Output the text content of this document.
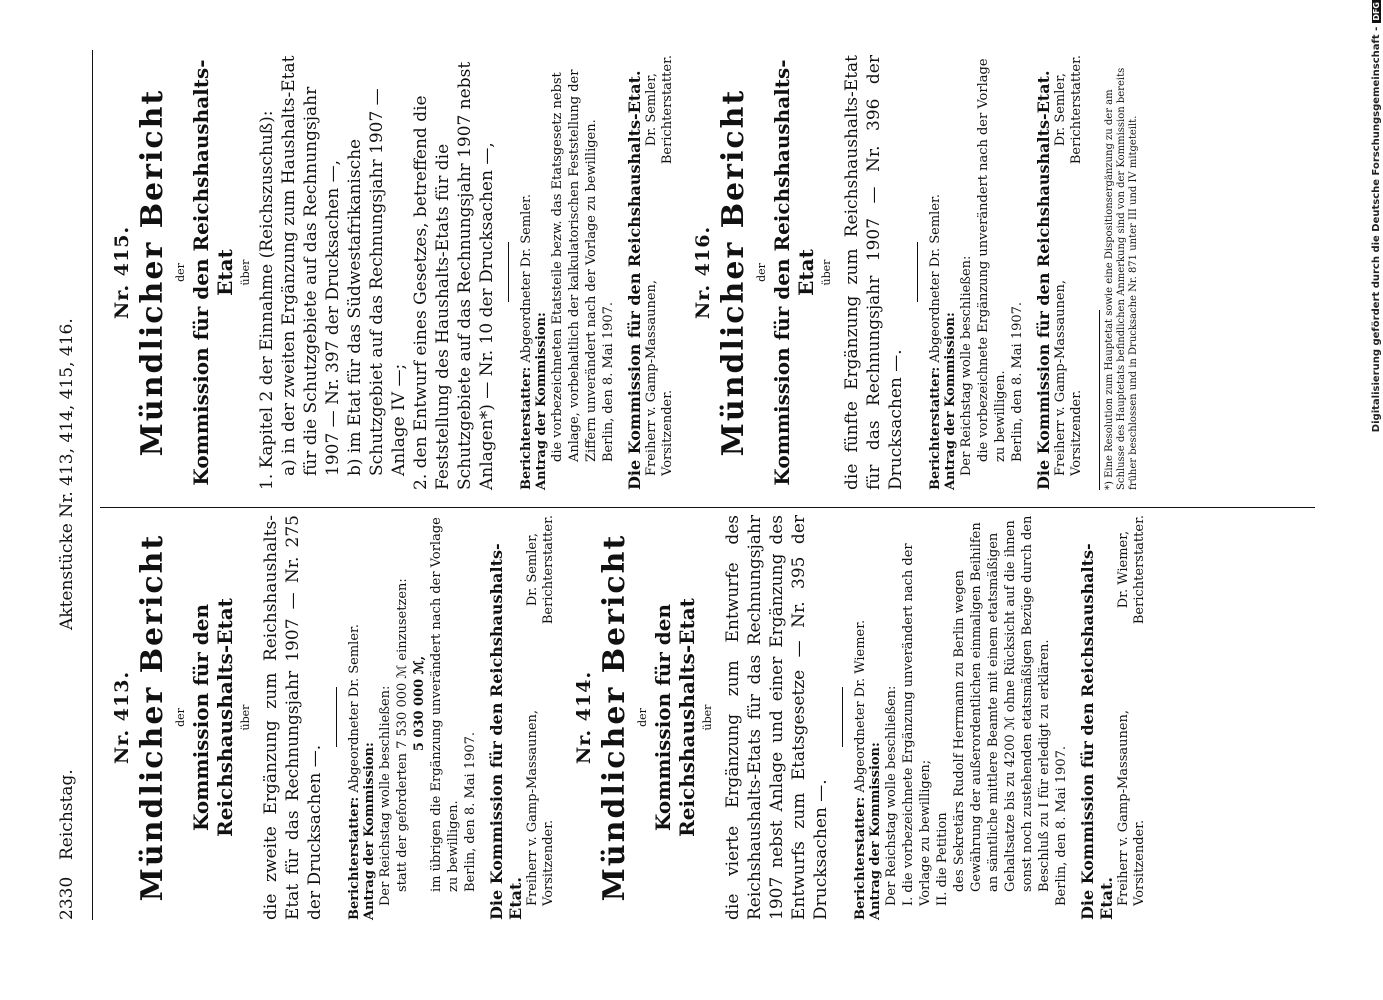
2330
Reichstag.
Aktenstücke Nr. 413, 414, 415, 416.
Nr. 413. Mündlicher Bericht der Kommission für den Reichshaushalts-Etat über die zweite Ergänzung zum Reichshaushalts-Etat für das Rechnungsjahr 1907 — Nr. 275 der Drucksachen —. Berichterstatter: Abgeordneter Dr. Semler.
Antrag der Kommission: Der Reichstag wolle beschließen: statt der geforderten 7 530 000 ℳ einzusetzen: 5 030 000 ℳ, im übrigen die Ergänzung unverändert nach der Vorlage zu bewilligen. Berlin, den 8. Mai 1907. Die Kommission für den Reichshaushalts-Etat. Freiherr v. Gamp-Massaunen, Vorsitzender.
Dr. Semler, Berichterstatter.
Nr. 414. Mündlicher Bericht der Kommission für den Reichshaushalts-Etat über die vierte Ergänzung zum Entwurfe des Reichshaushalts-Etats für das Rechnungsjahr 1907 nebst Anlage und einer Ergänzung des Entwurfs zum Etatsgesetze — Nr. 395 der Drucksachen —. Berichterstatter: Abgeordneter Dr. Wiemer.
Antrag der Kommission: Der Reichstag wolle beschließen: I. die vorbezeichnete Ergänzung unverändert nach der Vorlage zu bewilligen; II. die Petition des Sekretärs Rudolf Herrmann zu Berlin wegen Gewährung der außerordentlichen einmaligen Beihilfen an sämtliche mittlere Beamte mit einem etatsmäßigen Gehaltsatze bis zu 4200 ℳ ohne Rücksicht auf die ihnen sonst noch zustehenden etatsmäßigen Bezüge durch den Beschluß zu I für erledigt zu erklären. Berlin, den 8. Mai 1907. Die Kommission für den Reichshaushalts-Etat. Freiherr v. Gamp-Massaunen, Vorsitzender.
Dr. Wiemer, Berichterstatter.
Nr. 415. Mündlicher Bericht der Kommission für den Reichshaushalts-Etat über 1. Kapitel 2 der Einnahme (Reichszuschuß): a) in der zweiten Ergänzung zum Haushalts-Etat für die Schutzgebiete auf das Rechnungsjahr 1907 — Nr. 397 der Drucksachen —, b) im Etat für das Südwestafrikanische Schutzgebiet auf das Rechnungsjahr 1907 — Anlage IV —; 2. den Entwurf eines Gesetzes, betreffend die Feststellung des Haushalts-Etats für die Schutzgebiete auf das Rechnungsjahr 1907 nebst Anlagen*) — Nr. 10 der Drucksachen —, Berichterstatter: Abgeordneter Dr. Semler.
Antrag der Kommission: die vorbezeichneten Etatsteile bezw. das Etatsgesetz nebst Anlage, vorbehaltlich der kalkulatorischen Feststellung der Ziffern unverändert nach der Vorlage zu bewilligen. Berlin, den 8. Mai 1907. Die Kommission für den Reichshaushalts-Etat. Freiherr v. Gamp-Massaunen, Vorsitzender.
Dr. Semler, Berichterstatter.
Nr. 416. Mündlicher Bericht der Kommission für den Reichshaushalts-Etat über die fünfte Ergänzung zum Reichshaushalts-Etat für das Rechnungsjahr 1907 — Nr. 396 der Drucksachen —. Berichterstatter: Abgeordneter Dr. Semler.
Antrag der Kommission: Der Reichstag wolle beschließen: die vorbezeichnete Ergänzung unverändert nach der Vorlage zu bewilligen. Berlin, den 8. Mai 1907. Die Kommission für den Reichshaushalts-Etat. Freiherr v. Gamp-Massaunen, Vorsitzender.
Dr. Semler, Berichterstatter. *) Eine Resolution zum Hauptetat sowie eine Dispositionsergänzung zu der am Schlusse des Hauptetats befindlichen Anmerkung sind von der Kommission bereits früher beschlossen und in Drucksache Nr. 871 unter III und IV mitgeteilt.	Digitalisierung gefördert durch die Deutsche Forschungsgemeinschaft -
DFG
